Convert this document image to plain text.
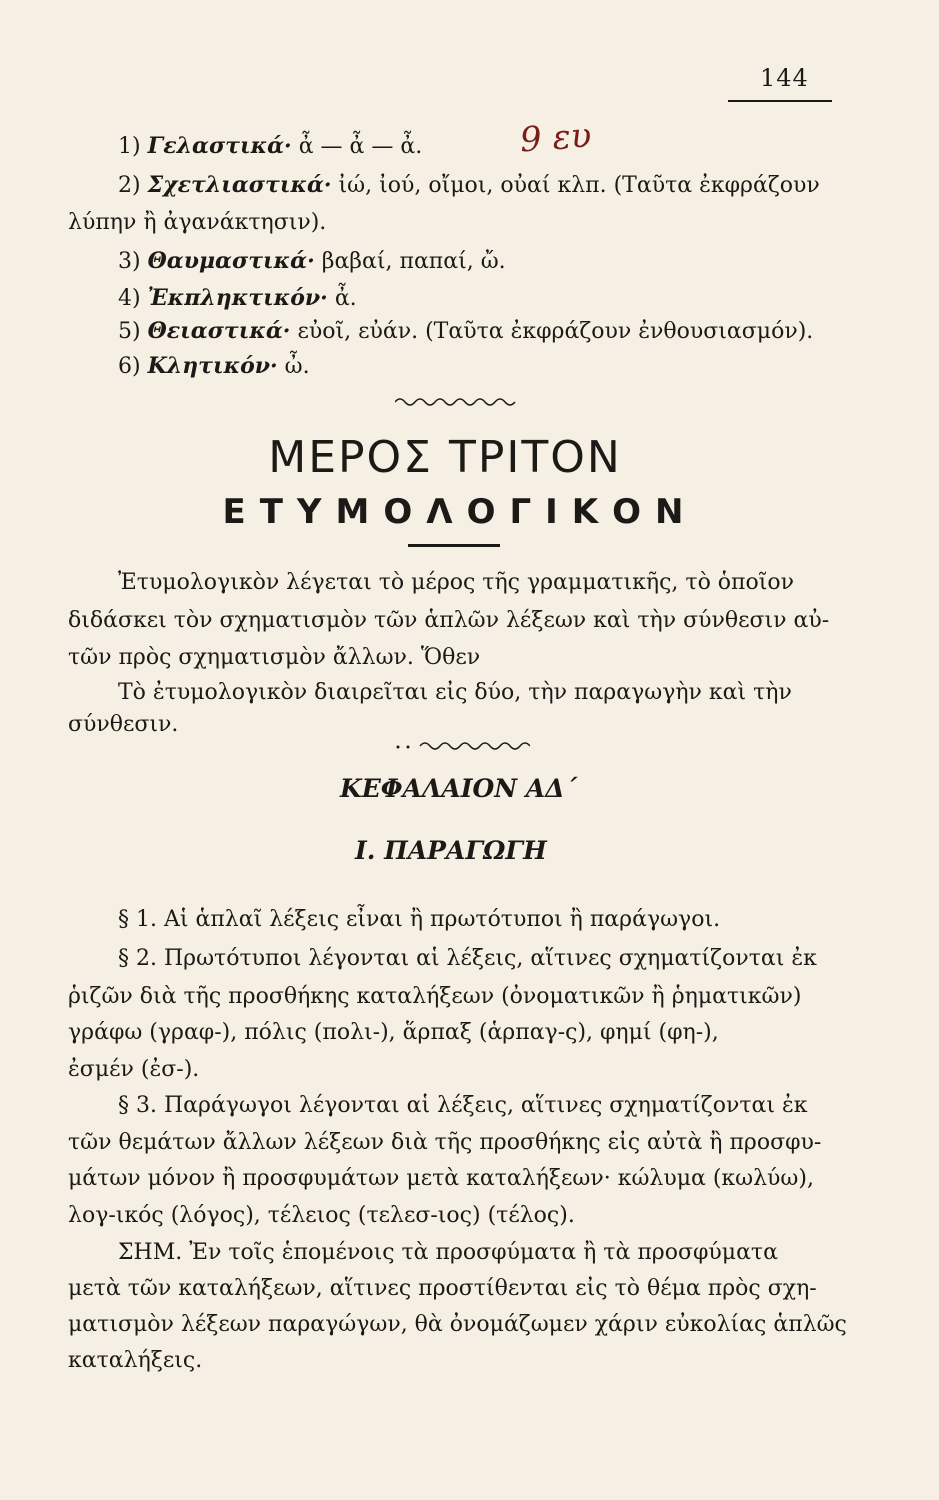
144
9 ευ
1) Γελαστικά· ἆ — ἆ — ἆ.
2) Σχετλιαστικά· ἰώ, ἰού, οἴμοι, οὐαί κλπ. (Ταῦτα ἐκφράζουν
λύπην ἢ ἀγανάκτησιν).
3) Θαυμαστικά· βαβαί, παπαί, ὤ.
4) Ἐκπληκτικόν· ἆ.
5) Θειαστικά· εὐοῖ, εὐάν. (Ταῦτα ἐκφράζουν ἐνθουσιασμόν).
6) Κλητικόν· ὦ.
ΜΕΡΟΣ ΤΡΙΤΟΝ
ΕΤΥΜΟΛΟΓΙΚΟΝ
Ἐτυμολογικὸν λέγεται τὸ μέρος τῆς γραμματικῆς, τὸ ὁποῖον
διδάσκει τὸν σχηματισμὸν τῶν ἁπλῶν λέξεων καὶ τὴν σύνθεσιν αὐ-
τῶν πρὸς σχηματισμὸν ἄλλων. Ὅθεν
Τὸ ἐτυμολογικὸν διαιρεῖται εἰς δύο, τὴν παραγωγὴν καὶ τὴν
σύνθεσιν.
ΚΕΦΑΛΑΙΟΝ ΑΔ΄
Ι. ΠΑΡΑΓΩΓΗ
§ 1. Αἱ ἁπλαῖ λέξεις εἶναι ἢ πρωτότυποι ἢ παράγωγοι.
§ 2. Πρωτότυποι λέγονται αἱ λέξεις, αἵτινες σχηματίζονται ἐκ
ῥιζῶν διὰ τῆς προσθήκης καταλήξεων (ὀνοματικῶν ἢ ῥηματικῶν)
γράφω (γραφ-), πόλις (πολι-), ἅρπαξ (ἁρπαγ-ς), φημί (φη-),
ἐσμέν (ἐσ-).
§ 3. Παράγωγοι λέγονται αἱ λέξεις, αἵτινες σχηματίζονται ἐκ
τῶν θεμάτων ἄλλων λέξεων διὰ τῆς προσθήκης εἰς αὐτὰ ἢ προσφυ-
μάτων μόνον ἢ προσφυμάτων μετὰ καταλήξεων· κώλυμα (κωλύω),
λογ-ικός (λόγος), τέλειος (τελεσ-ιος) (τέλος).
ΣΗΜ. Ἐν τοῖς ἑπομένοις τὰ προσφύματα ἢ τὰ προσφύματα
μετὰ τῶν καταλήξεων, αἵτινες προστίθενται εἰς τὸ θέμα πρὸς σχη-
ματισμὸν λέξεων παραγώγων, θὰ ὀνομάζωμεν χάριν εὐκολίας ἁπλῶς
καταλήξεις.
